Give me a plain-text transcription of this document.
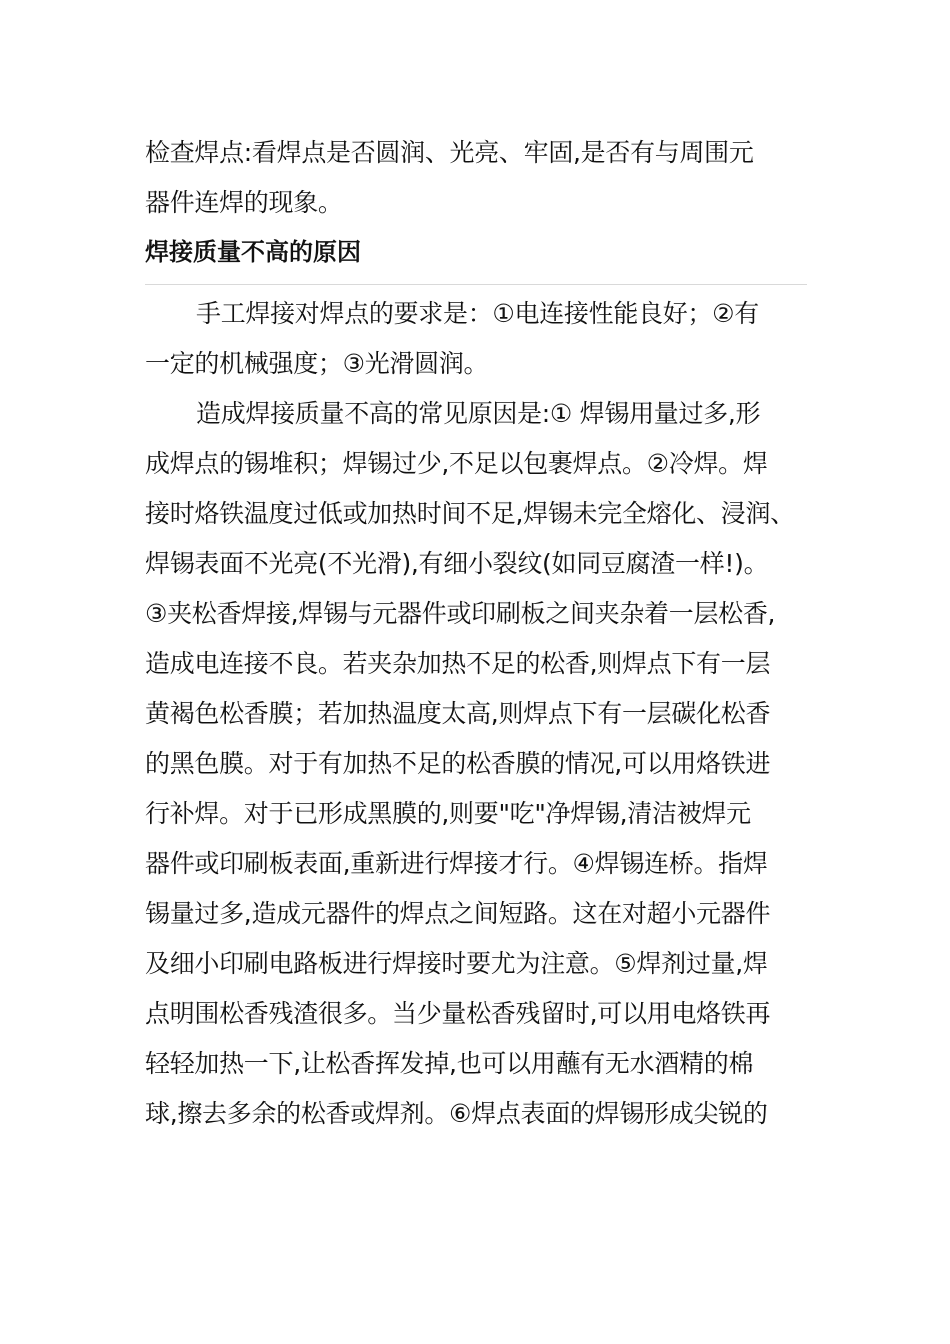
检查焊点:看焊点是否圆润、光亮、牢固,是否有与周围元
器件连焊的现象。
焊接质量不高的原因
手工焊接对焊点的要求是：①电连接性能良好；②有
一定的机械强度；③光滑圆润。
造成焊接质量不高的常见原因是:① 焊锡用量过多,形
成焊点的锡堆积；焊锡过少,不足以包裹焊点。②冷焊。焊
接时烙铁温度过低或加热时间不足,焊锡未完全熔化、浸润、
焊锡表面不光亮(不光滑),有细小裂纹(如同豆腐渣一样!)。
③夹松香焊接,焊锡与元器件或印刷板之间夹杂着一层松香,
造成电连接不良。若夹杂加热不足的松香,则焊点下有一层
黄褐色松香膜；若加热温度太高,则焊点下有一层碳化松香
的黑色膜。对于有加热不足的松香膜的情况,可以用烙铁进
行补焊。对于已形成黑膜的,则要"吃"净焊锡,清洁被焊元
器件或印刷板表面,重新进行焊接才行。④焊锡连桥。指焊
锡量过多,造成元器件的焊点之间短路。这在对超小元器件
及细小印刷电路板进行焊接时要尤为注意。⑤焊剂过量,焊
点明围松香残渣很多。当少量松香残留时,可以用电烙铁再
轻轻加热一下,让松香挥发掉,也可以用蘸有无水酒精的棉
球,擦去多余的松香或焊剂。⑥焊点表面的焊锡形成尖锐的
